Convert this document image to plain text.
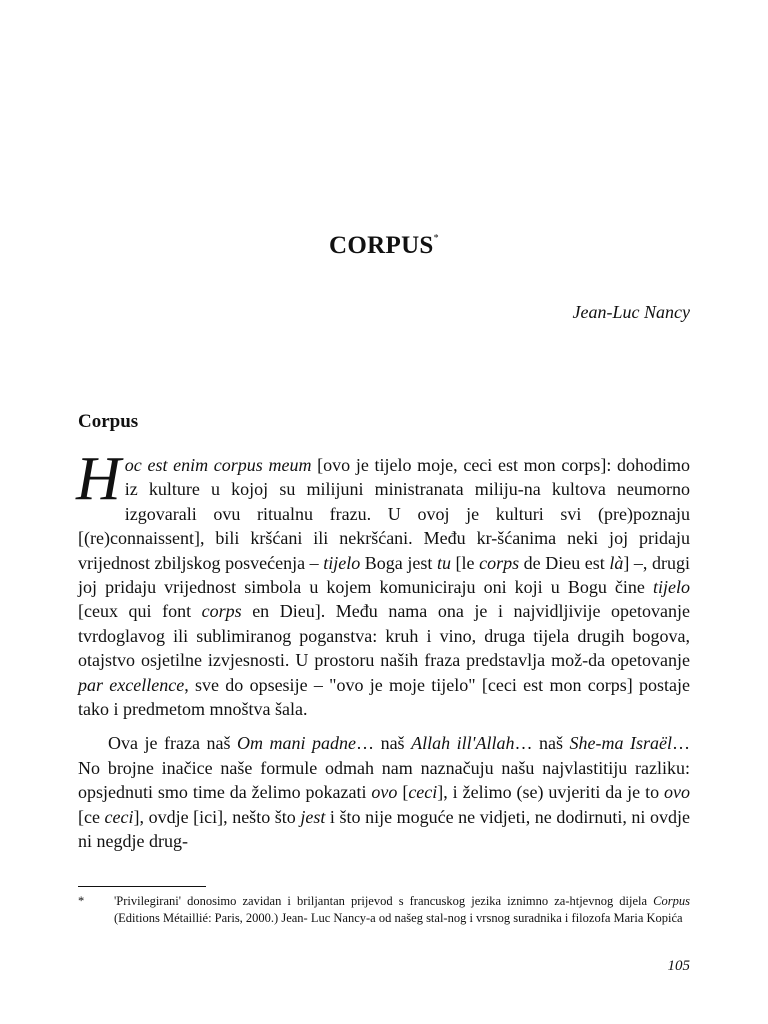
CORPUS*
Jean-Luc Nancy
Corpus

Hoc est enim corpus meum [ovo je tijelo moje, ceci est mon corps]: dohodimo iz kulture u kojoj su milijuni ministranata miliju-na kultova neumorno izgovarali ovu ritualnu frazu. U ovoj je kulturi svi (pre)poznaju [(re)connaissent], bili kršćani ili nekršćani. Među kr-šćanima neki joj pridaju vrijednost zbiljskog posvećenja – tijelo Boga jest tu [le corps de Dieu est là] –, drugi joj pridaju vrijednost simbola u kojem komuniciraju oni koji u Bogu čine tijelo [ceux qui font corps en Dieu]. Među nama ona je i najvidljivije opetovanje tvrdoglavog ili sublimiranog poganstva: kruh i vino, druga tijela drugih bogova, otajstvo osjetilne izvjesnosti. U prostoru naših fraza predstavlja mož-da opetovanje par excellence, sve do opsesije – "ovo je moje tijelo" [ceci est mon corps] postaje tako i predmetom mnoštva šala.

Ova je fraza naš Om mani padne… naš Allah ill'Allah… naš She-ma Israël… No brojne inačice naše formule odmah nam naznačuju našu najvlastitiju razliku: opsjednuti smo time da želimo pokazati ovo [ceci], i želimo (se) uvjeriti da je to ovo [ce ceci], ovdje [ici], nešto što jest i što nije moguće ne vidjeti, ne dodirnuti, ni ovdje ni negdje drug-

* 'Privilegirani' donosimo zavidan i briljantan prijevod s francuskog jezika iznimno za-htjevnog dijela Corpus (Editions Métaillié: Paris, 2000.) Jean- Luc Nancy-a od našeg stal-nog i vrsnog suradnika i filozofa Maria Kopića
105
